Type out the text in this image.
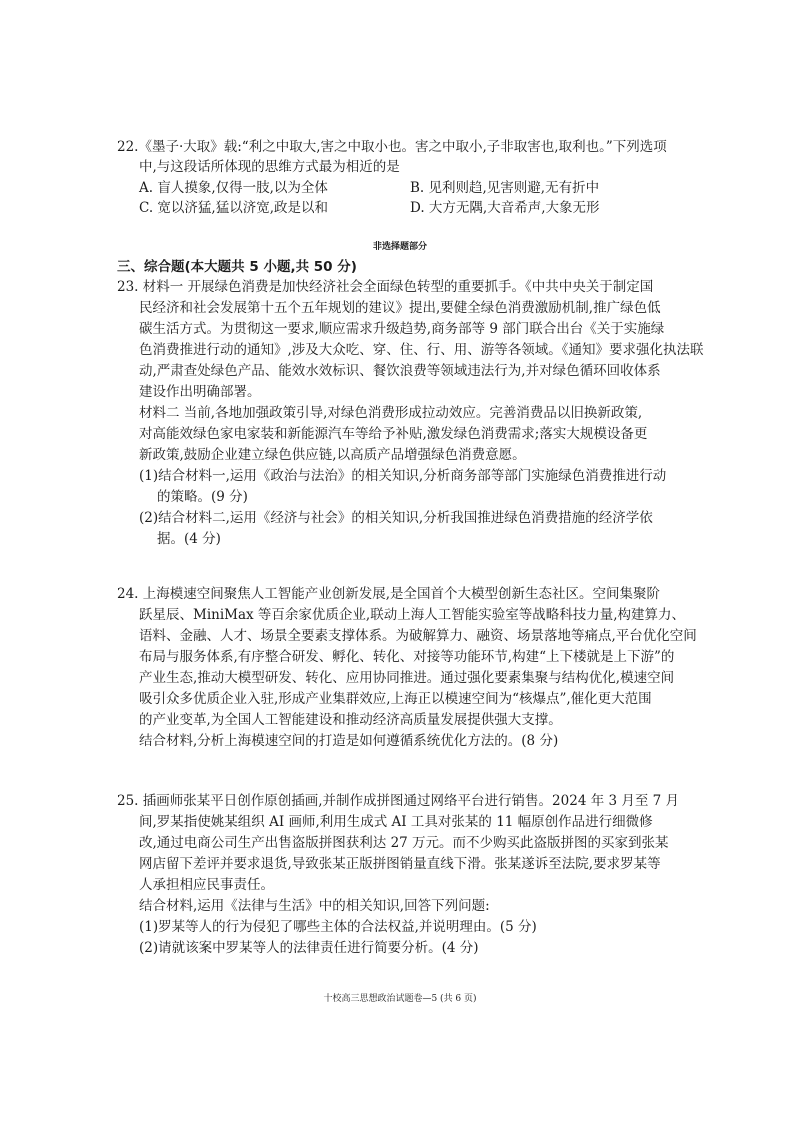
22.《墨子·大取》载:“利之中取大,害之中取小也。害之中取小,子非取害也,取利也。”下列选项
中,与这段话所体现的思维方式最为相近的是
A. 盲人摸象,仅得一肢,以为全体	B. 见利则趋,见害则避,无有折中
C. 宽以济猛,猛以济宽,政是以和	D. 大方无隅,大音希声,大象无形
非选择题部分
三、综合题(本大题共 5 小题,共 50 分)
23. 材料一 开展绿色消费是加快经济社会全面绿色转型的重要抓手。《中共中央关于制定国
民经济和社会发展第十五个五年规划的建议》提出,要健全绿色消费激励机制,推广绿色低
碳生活方式。为贯彻这一要求,顺应需求升级趋势,商务部等 9 部门联合出台《关于实施绿
色消费推进行动的通知》,涉及大众吃、穿、住、行、用、游等各领域。《通知》要求强化执法联
动,严肃查处绿色产品、能效水效标识、餐饮浪费等领域违法行为,并对绿色循环回收体系
建设作出明确部署。
材料二 当前,各地加强政策引导,对绿色消费形成拉动效应。完善消费品以旧换新政策,
对高能效绿色家电家装和新能源汽车等给予补贴,激发绿色消费需求;落实大规模设备更
新政策,鼓励企业建立绿色供应链,以高质产品增强绿色消费意愿。
(1)结合材料一,运用《政治与法治》的相关知识,分析商务部等部门实施绿色消费推进行动
的策略。(9 分)
(2)结合材料二,运用《经济与社会》的相关知识,分析我国推进绿色消费措施的经济学依
据。(4 分)
24. 上海模速空间聚焦人工智能产业创新发展,是全国首个大模型创新生态社区。空间集聚阶
跃星辰、MiniMax 等百余家优质企业,联动上海人工智能实验室等战略科技力量,构建算力、
语料、金融、人才、场景全要素支撑体系。为破解算力、融资、场景落地等痛点,平台优化空间
布局与服务体系,有序整合研发、孵化、转化、对接等功能环节,构建“上下楼就是上下游”的
产业生态,推动大模型研发、转化、应用协同推进。通过强化要素集聚与结构优化,模速空间
吸引众多优质企业入驻,形成产业集群效应,上海正以模速空间为“核爆点”,催化更大范围
的产业变革,为全国人工智能建设和推动经济高质量发展提供强大支撑。
结合材料,分析上海模速空间的打造是如何遵循系统优化方法的。(8 分)
25. 插画师张某平日创作原创插画,并制作成拼图通过网络平台进行销售。2024 年 3 月至 7 月
间,罗某指使姚某组织 AI 画师,利用生成式 AI 工具对张某的 11 幅原创作品进行细微修
改,通过电商公司生产出售盗版拼图获利达 27 万元。而不少购买此盗版拼图的买家到张某
网店留下差评并要求退货,导致张某正版拼图销量直线下滑。张某遂诉至法院,要求罗某等
人承担相应民事责任。
结合材料,运用《法律与生活》中的相关知识,回答下列问题:
(1)罗某等人的行为侵犯了哪些主体的合法权益,并说明理由。(5 分)
(2)请就该案中罗某等人的法律责任进行简要分析。(4 分)
十校高三思想政治试题卷—5 (共 6 页)
